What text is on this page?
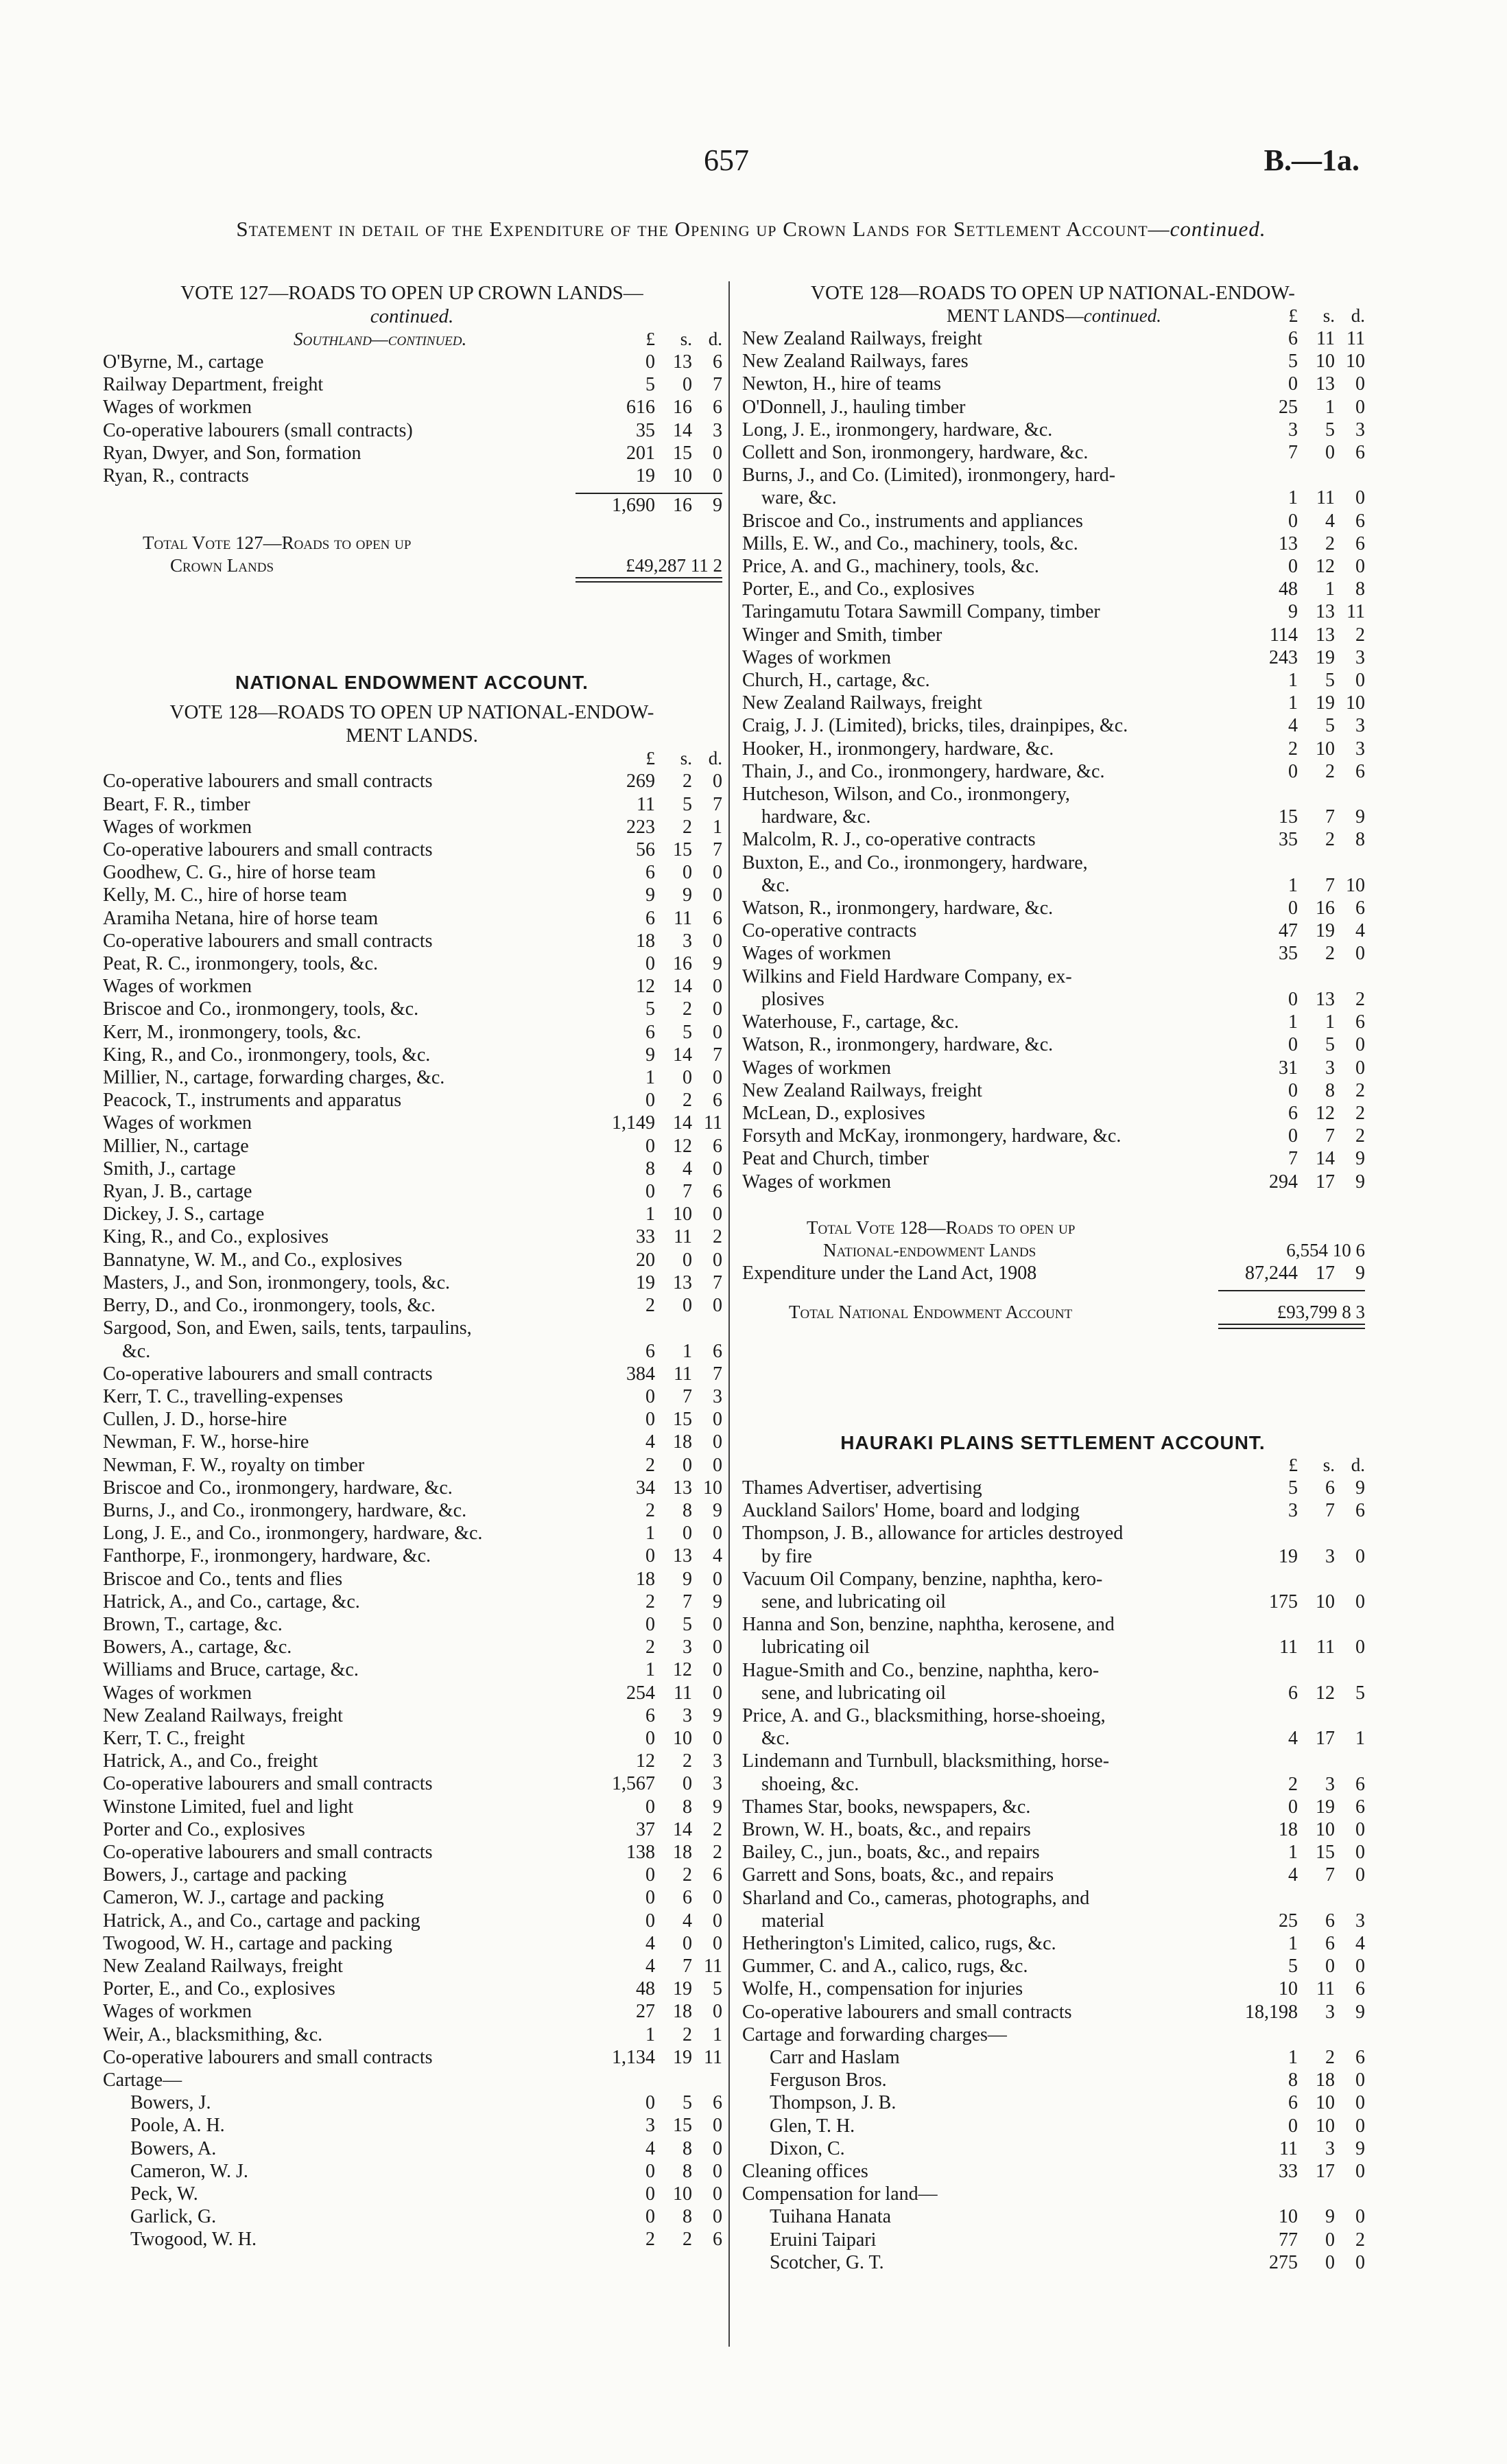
657	B.—1a.
Statement in detail of the Expenditure of the Opening up Crown Lands for Settlement Account—continued.
VOTE 127—ROADS TO OPEN UP CROWN LANDS—
continued.
Southland—continued.	£	s. d.
O'Byrne, M., cartage	0 13	6
Railway Department, freight	5	0	7
Wages of workmen	616 16	6
Co-operative labourers (small contracts)	35 14	3
Ryan, Dwyer, and Son, formation	201 15	0
Ryan, R., contracts	19 10	0
1,690 16	9
Total Vote 127—Roads to open up
Crown Lands	£49,287 11 2
NATIONAL ENDOWMENT ACCOUNT.
VOTE 128—ROADS TO OPEN UP NATIONAL-ENDOW-
MENT LANDS.
£	s. d.
Co-operative labourers and small contracts	269	2	0
Beart, F. R., timber	11	5	7
Wages of workmen	223	2	1
Co-operative labourers and small contracts	56 15	7
Goodhew, C. G., hire of horse team	6	0	0
Kelly, M. C., hire of horse team	9	9	0
Aramiha Netana, hire of horse team	6 11	6
Co-operative labourers and small contracts	18	3	0
Peat, R. C., ironmongery, tools, &c.	0 16	9
Wages of workmen	12 14	0
Briscoe and Co., ironmongery, tools, &c.	5	2	0
Kerr, M., ironmongery, tools, &c.	6	5	0
King, R., and Co., ironmongery, tools, &c.	9 14	7
Millier, N., cartage, forwarding charges, &c.	1	0	0
Peacock, T., instruments and apparatus	0	2	6
Wages of workmen	1,149 14 11
Millier, N., cartage	0 12	6
Smith, J., cartage	8	4	0
Ryan, J. B., cartage	0	7	6
Dickey, J. S., cartage	1 10	0
King, R., and Co., explosives	33 11	2
Bannatyne, W. M., and Co., explosives	20	0	0
Masters, J., and Son, ironmongery, tools, &c.	19 13	7
Berry, D., and Co., ironmongery, tools, &c.	2	0	0
Sargood, Son, and Ewen, sails, tents, tarpaulins,
&c.	6	1	6
Co-operative labourers and small contracts	384 11	7
Kerr, T. C., travelling-expenses	0	7	3
Cullen, J. D., horse-hire	0 15	0
Newman, F. W., horse-hire	4 18	0
Newman, F. W., royalty on timber	2	0	0
Briscoe and Co., ironmongery, hardware, &c.	34 13 10
Burns, J., and Co., ironmongery, hardware, &c.	2	8	9
Long, J. E., and Co., ironmongery, hardware, &c.	1	0	0
Fanthorpe, F., ironmongery, hardware, &c.	0 13	4
Briscoe and Co., tents and flies	18	9	0
Hatrick, A., and Co., cartage, &c.	2	7	9
Brown, T., cartage, &c.	0	5	0
Bowers, A., cartage, &c.	2	3	0
Williams and Bruce, cartage, &c.	1 12	0
Wages of workmen	254 11	0
New Zealand Railways, freight	6	3	9
Kerr, T. C., freight	0 10	0
Hatrick, A., and Co., freight	12	2	3
Co-operative labourers and small contracts	1,567	0	3
Winstone Limited, fuel and light	0	8	9
Porter and Co., explosives	37 14	2
Co-operative labourers and small contracts	138 18	2
Bowers, J., cartage and packing	0	2	6
Cameron, W. J., cartage and packing	0	6	0
Hatrick, A., and Co., cartage and packing	0	4	0
Twogood, W. H., cartage and packing	4	0	0
New Zealand Railways, freight	4	7 11
Porter, E., and Co., explosives	48 19	5
Wages of workmen	27 18	0
Weir, A., blacksmithing, &c.	1	2	1
Co-operative labourers and small contracts	1,134 19 11
Cartage—
Bowers, J.	0	5	6
Poole, A. H.	3 15	0
Bowers, A.	4	8	0
Cameron, W. J.	0	8	0
Peck, W.	0 10	0
Garlick, G.	0	8	0
Twogood, W. H.	2	2	6
VOTE 128—ROADS TO OPEN UP NATIONAL-ENDOW-
MENT LANDS—continued.	£	s. d.
New Zealand Railways, freight	6 11 11
New Zealand Railways, fares	5 10 10
Newton, H., hire of teams	0 13	0
O'Donnell, J., hauling timber	25	1	0
Long, J. E., ironmongery, hardware, &c.	3	5	3
Collett and Son, ironmongery, hardware, &c.	7	0	6
Burns, J., and Co. (Limited), ironmongery, hard-
ware, &c.	1 11	0
Briscoe and Co., instruments and appliances	0	4	6
Mills, E. W., and Co., machinery, tools, &c.	13	2	6
Price, A. and G., machinery, tools, &c.	0 12	0
Porter, E., and Co., explosives	48	1	8
Taringamutu Totara Sawmill Company, timber	9 13 11
Winger and Smith, timber	114 13	2
Wages of workmen	243 19	3
Church, H., cartage, &c.	1	5	0
New Zealand Railways, freight	1 19 10
Craig, J. J. (Limited), bricks, tiles, drainpipes, &c.	4	5	3
Hooker, H., ironmongery, hardware, &c.	2 10	3
Thain, J., and Co., ironmongery, hardware, &c.	0	2	6
Hutcheson, Wilson, and Co., ironmongery,
hardware, &c.	15	7	9
Malcolm, R. J., co-operative contracts	35	2	8
Buxton, E., and Co., ironmongery, hardware,
&c.	1	7 10
Watson, R., ironmongery, hardware, &c.	0 16	6
Co-operative contracts	47 19	4
Wages of workmen	35	2	0
Wilkins and Field Hardware Company, ex-
plosives	0 13	2
Waterhouse, F., cartage, &c.	1	1	6
Watson, R., ironmongery, hardware, &c.	0	5	0
Wages of workmen	31	3	0
New Zealand Railways, freight	0	8	2
McLean, D., explosives	6 12	2
Forsyth and McKay, ironmongery, hardware, &c.	0	7	2
Peat and Church, timber	7 14	9
Wages of workmen	294 17	9
Total Vote 128—Roads to open up
National-endowment Lands	6,554 10 6
Expenditure under the Land Act, 1908	87,244 17	9
Total National Endowment Account	£93,799 8 3
HAURAKI PLAINS SETTLEMENT ACCOUNT.
£	s. d.
Thames Advertiser, advertising	5	6	9
Auckland Sailors' Home, board and lodging	3	7	6
Thompson, J. B., allowance for articles destroyed
by fire	19	3	0
Vacuum Oil Company, benzine, naphtha, kero-
sene, and lubricating oil	175 10	0
Hanna and Son, benzine, naphtha, kerosene, and
lubricating oil	11 11	0
Hague-Smith and Co., benzine, naphtha, kero-
sene, and lubricating oil	6 12	5
Price, A. and G., blacksmithing, horse-shoeing,
&c.	4 17	1
Lindemann and Turnbull, blacksmithing, horse-
shoeing, &c.	2	3	6
Thames Star, books, newspapers, &c.	0 19	6
Brown, W. H., boats, &c., and repairs	18 10	0
Bailey, C., jun., boats, &c., and repairs	1 15	0
Garrett and Sons, boats, &c., and repairs	4	7	0
Sharland and Co., cameras, photographs, and
material	25	6	3
Hetherington's Limited, calico, rugs, &c.	1	6	4
Gummer, C. and A., calico, rugs, &c.	5	0	0
Wolfe, H., compensation for injuries	10 11	6
Co-operative labourers and small contracts	18,198	3	9
Cartage and forwarding charges—
Carr and Haslam	1	2	6
Ferguson Bros.	8 18	0
Thompson, J. B.	6 10	0
Glen, T. H.	0 10	0
Dixon, C.	11	3	9
Cleaning offices	33 17	0
Compensation for land—
Tuihana Hanata	10	9	0
Eruini Taipari	77	0	2
Scotcher, G. T.	275	0	0
